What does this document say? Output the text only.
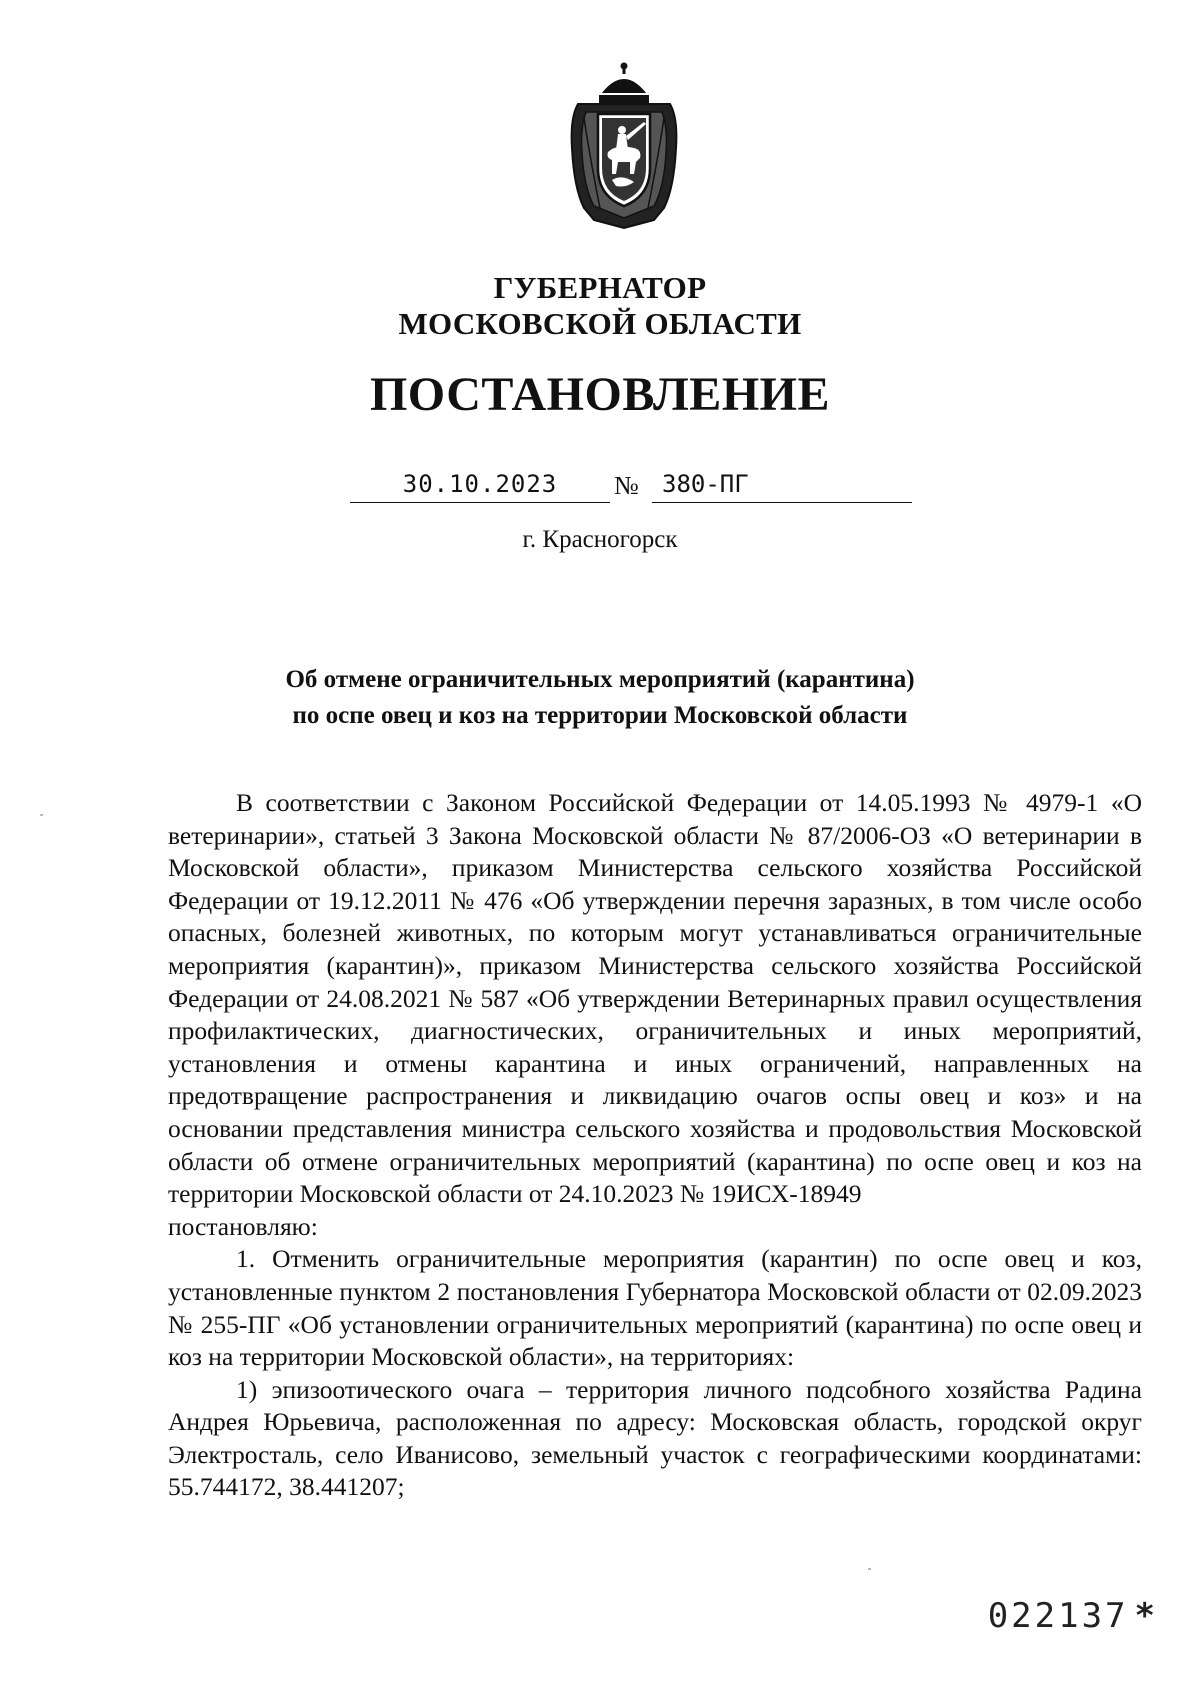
ГУБЕРНАТОР
МОСКОВСКОЙ ОБЛАСТИ
ПОСТАНОВЛЕНИЕ
30.10.2023	№ 380-ПГ
г. Красногорск
Об отмене ограничительных мероприятий (карантина)
по оспе овец и коз на территории Московской области

В соответствии с Законом Российской Федерации от 14.05.1993 № 4979-1 «О ветеринарии», статьей 3 Закона Московской области № 87/2006-ОЗ «О ветеринарии в Московской области», приказом Министерства сельского хозяйства Российской Федерации от 19.12.2011 № 476 «Об утверждении перечня заразных, в том числе особо опасных, болезней животных, по которым могут устанавливаться ограничительные мероприятия (карантин)», приказом Министерства сельского хозяйства Российской Федерации от 24.08.2021 № 587 «Об утверждении Ветеринарных правил осуществления профилактических, диагностических, ограничительных и иных мероприятий, установления и отмены карантина и иных ограничений, направленных на предотвращение распространения и ликвидацию очагов оспы овец и коз» и на основании представления министра сельского хозяйства и продовольствия Московской области об отмене ограничительных мероприятий (карантина) по оспе овец и коз на территории Московской области от 24.10.2023 № 19ИСХ-18949

постановляю:

1. Отменить ограничительные мероприятия (карантин) по оспе овец и коз, установленные пунктом 2 постановления Губернатора Московской области от 02.09.2023 № 255-ПГ «Об установлении ограничительных мероприятий (карантина) по оспе овец и коз на территории Московской области», на территориях:

1) эпизоотического очага – территория личного подсобного хозяйства Радина Андрея Юрьевича, расположенная по адресу: Московская область, городской округ Электросталь, село Иванисово, земельный участок с географическими координатами: 55.744172, 38.441207;

022137 *
